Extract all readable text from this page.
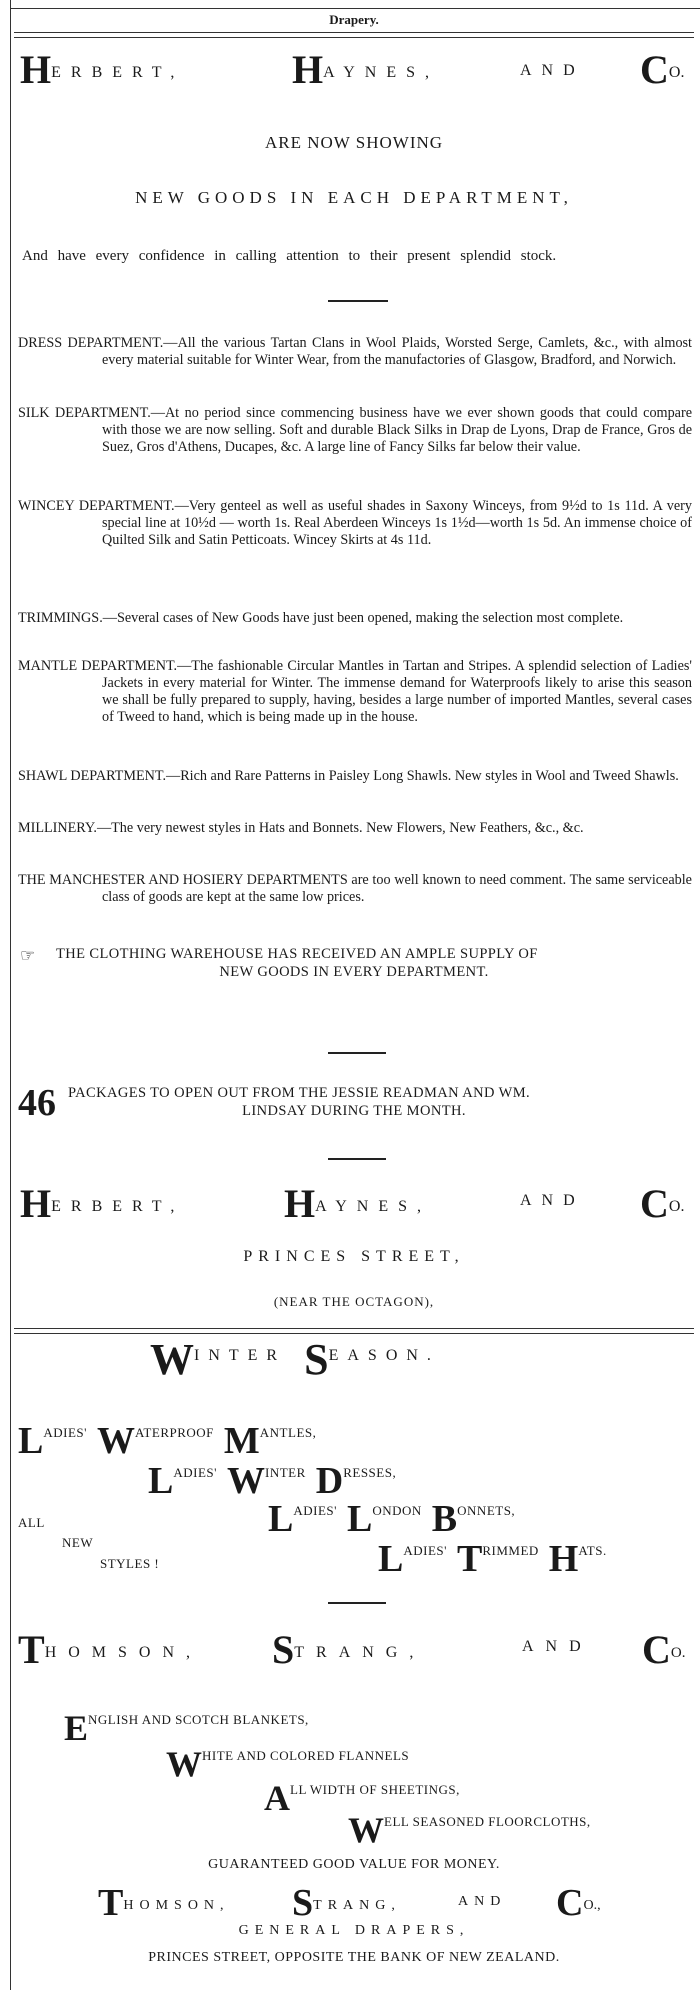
Drapery.
HERBERT,	HAYNES,	AND CO.
ARE NOW SHOWING
NEW GOODS IN EACH DEPARTMENT,
And have every confidence in calling attention to their present splendid stock.
DRESS DEPARTMENT.—All the various Tartan Clans in Wool Plaids, Worsted Serge, Camlets, &c., with almost every material suitable for Winter Wear, from the manufactories of Glasgow, Bradford, and Norwich.
SILK DEPARTMENT.—At no period since commencing business have we ever shown goods that could compare with those we are now selling. Soft and durable Black Silks in Drap de Lyons, Drap de France, Gros de Suez, Gros d'Athens, Ducapes, &c. A large line of Fancy Silks far below their value.
WINCEY DEPARTMENT.—Very genteel as well as useful shades in Saxony Winceys, from 9½d to 1s 11d. A very special line at 10½d — worth 1s. Real Aberdeen Winceys 1s 1½d—worth 1s 5d. An immense choice of Quilted Silk and Satin Petticoats. Wincey Skirts at 4s 11d.
TRIMMINGS.—Several cases of New Goods have just been opened, making the selection most complete.
MANTLE DEPARTMENT.—The fashionable Circular Mantles in Tartan and Stripes. A splendid selection of Ladies' Jackets in every material for Winter. The immense demand for Waterproofs likely to arise this season we shall be fully prepared to supply, having, besides a large number of imported Mantles, several cases of Tweed to hand, which is being made up in the house.
SHAWL DEPARTMENT.—Rich and Rare Patterns in Paisley Long Shawls. New styles in Wool and Tweed Shawls.
MILLINERY.—The very newest styles in Hats and Bonnets. New Flowers, New Feathers, &c., &c.
THE MANCHESTER AND HOSIERY DEPARTMENTS are too well known to need comment. The same serviceable class of goods are kept at the same low prices.
☞ THE CLOTHING WAREHOUSE HAS RECEIVED AN AMPLE SUPPLY OF
NEW GOODS IN EVERY DEPARTMENT.
46 PACKAGES TO OPEN OUT FROM THE JESSIE READMAN AND WM.
LINDSAY DURING THE MONTH.
HERBERT, HAYNES,	AND CO.
PRINCES STREET,
(NEAR THE OCTAGON),
WINTER SEASON.
$L^{ADIES'}$ $W^{ATERPROOF}$ $M^{ANTLES,}$
$L^{ADIES'}$ $W^{INTER}$ $D^{RESSES,}$
ALL	$L^{ADIES'}$ $L^{ONDON}$ $B^{ONNETS,}$
NEW
STYLES !	$L^{ADIES'}$ $T^{RIMMED}$ $H^{ATS.}$
THOMSON, STRANG,	AND CO.
$E^{NGLISH AND SCOTCH BLANKETS,}$
$W^{HITE AND COLORED FLANNELS}$
$A^{LL WIDTH OF SHEETINGS,}$
$W^{ELL SEASONED FLOORCLOTHS,}$
GUARANTEED GOOD VALUE FOR MONEY.
THOMSON, STRANG,	AND CO.,
GENERAL DRAPERS,
PRINCES STREET, OPPOSITE THE BANK OF NEW ZEALAND.
